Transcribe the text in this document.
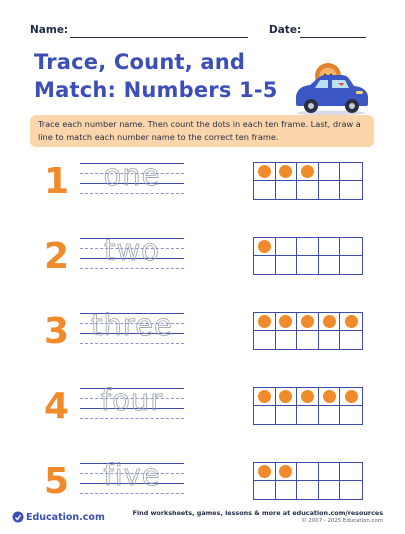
Name:	Date:
Trace, Count, and
Match: Numbers 1-5
Trace each number name. Then count the dots in each ten frame. Last, draw a line to match each number name to the correct ten frame.
1	one
2	two
3 three
4	four
5	five
Education.com	Find worksheets, games, lessons & more at education.com/resources
© 2007 - 2025 Education.com
